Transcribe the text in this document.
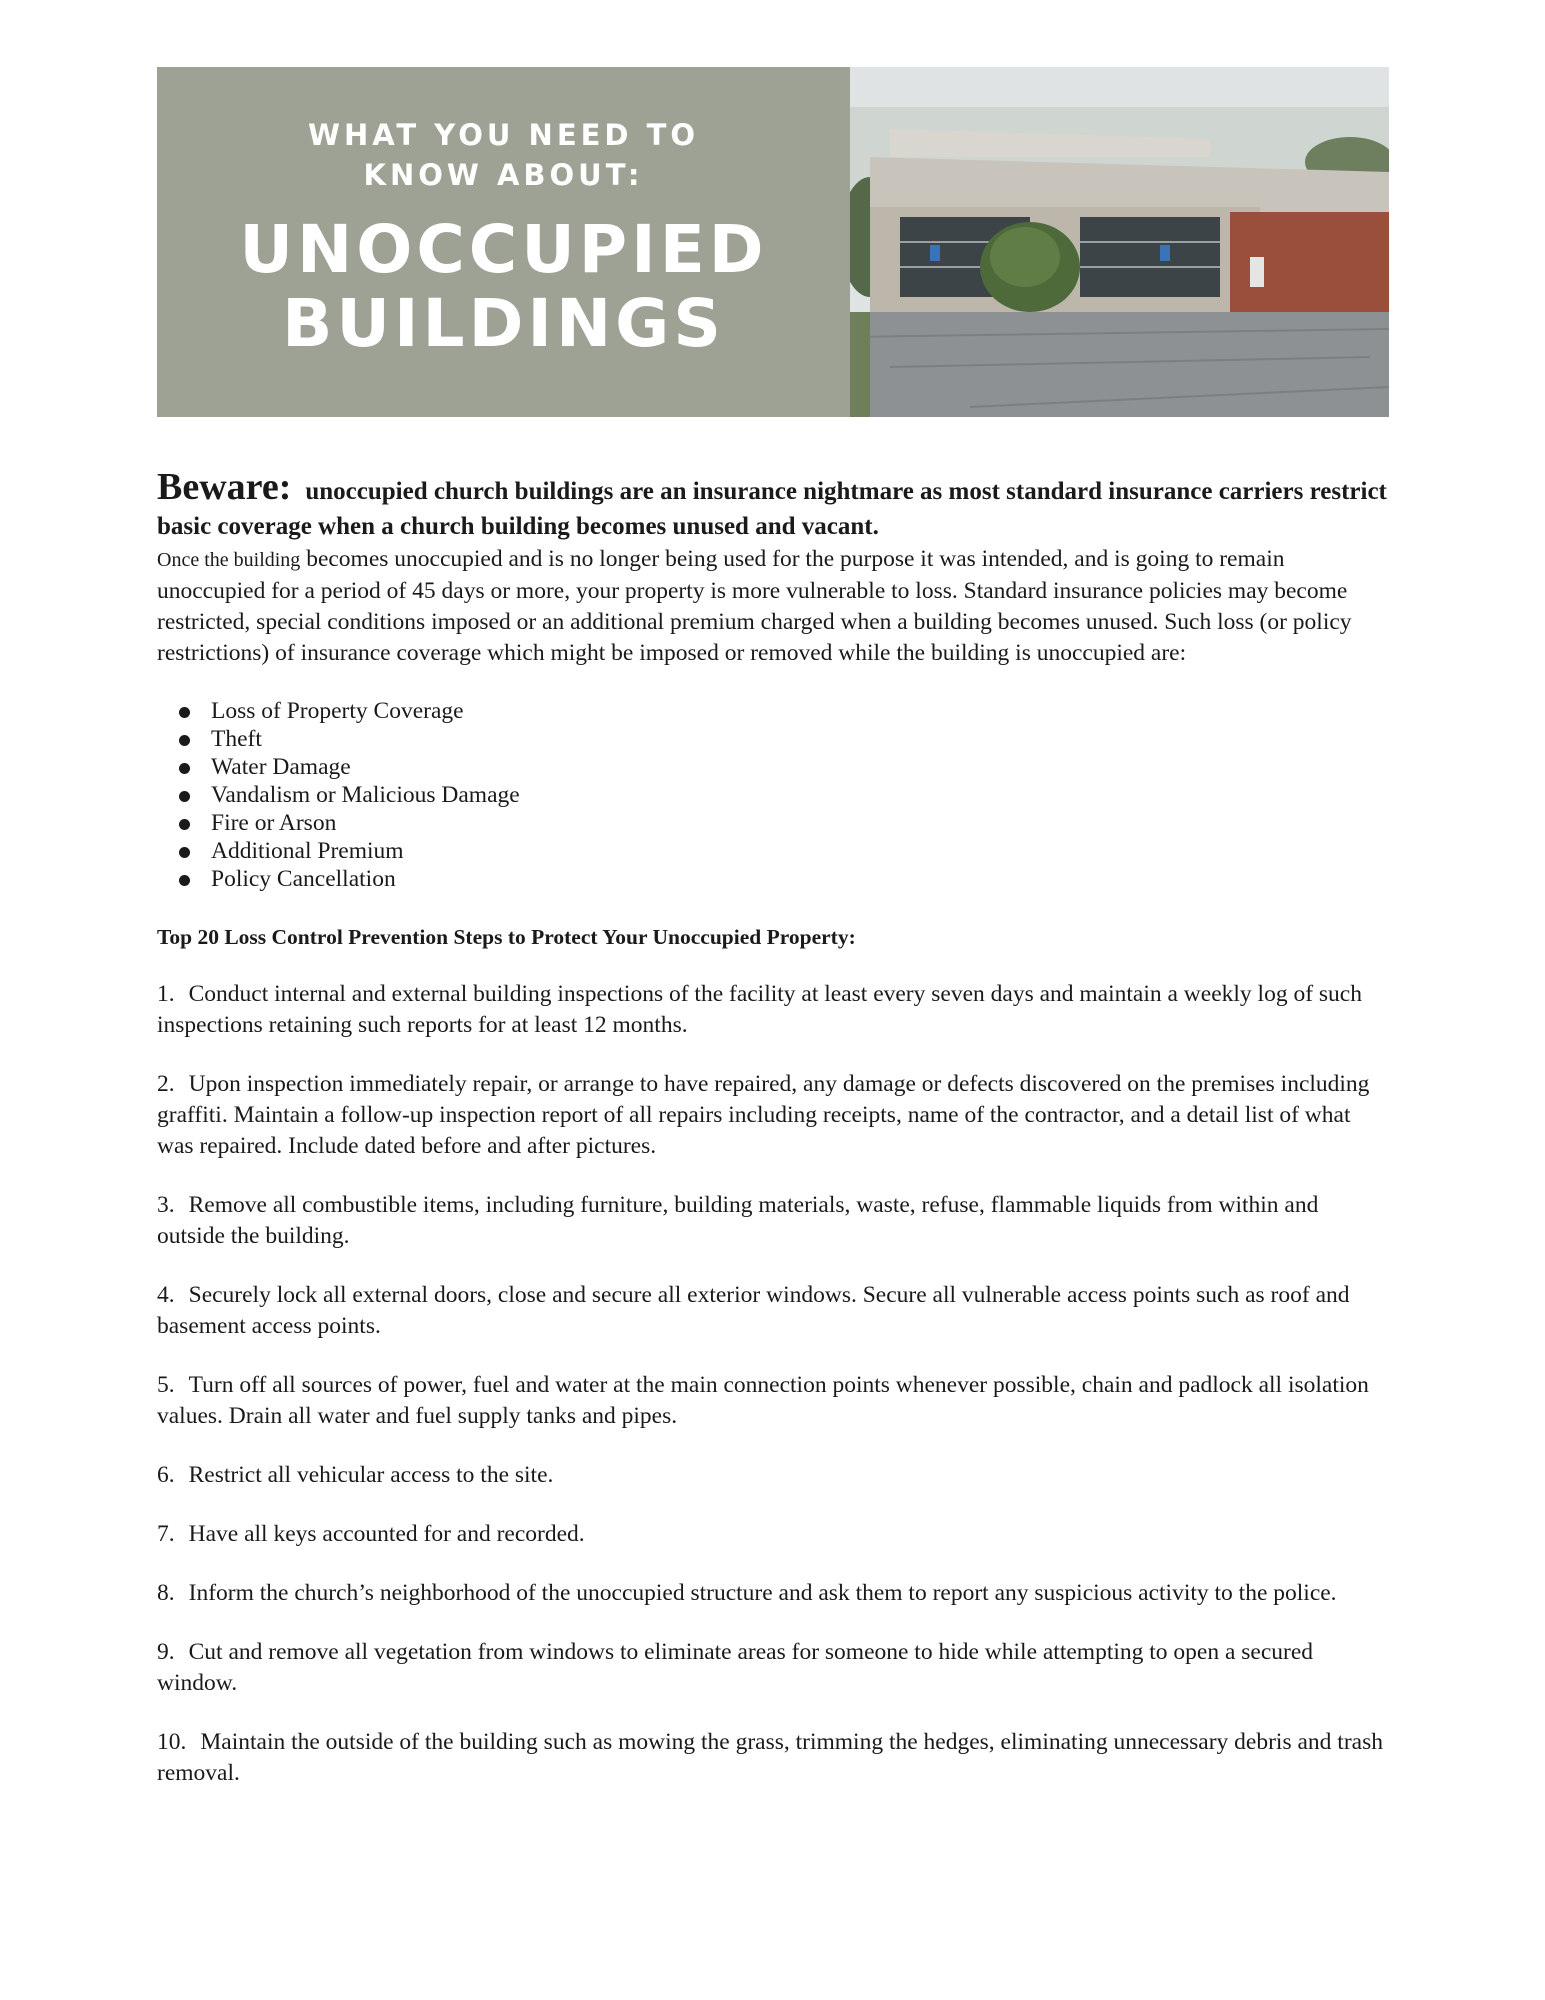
WHAT YOU NEED TO KNOW ABOUT:
UNOCCUPIED BUILDINGS

Beware: unoccupied church buildings are an insurance nightmare as most standard insurance carriers restrict basic coverage when a church building becomes unused and vacant.

Once the building becomes unoccupied and is no longer being used for the purpose it was intended, and is going to remain unoccupied for a period of 45 days or more, your property is more vulnerable to loss. Standard insurance policies may become restricted, special conditions imposed or an additional premium charged when a building becomes unused. Such loss (or policy restrictions) of insurance coverage which might be imposed or removed while the building is unoccupied are:

Loss of Property Coverage
Theft
Water Damage
Vandalism or Malicious Damage
Fire or Arson
Additional Premium
Policy Cancellation

Top 20 Loss Control Prevention Steps to Protect Your Unoccupied Property:

1. Conduct internal and external building inspections of the facility at least every seven days and maintain a weekly log of such inspections retaining such reports for at least 12 months.

2. Upon inspection immediately repair, or arrange to have repaired, any damage or defects discovered on the premises including graffiti. Maintain a follow-up inspection report of all repairs including receipts, name of the contractor, and a detail list of what was repaired. Include dated before and after pictures.

3. Remove all combustible items, including furniture, building materials, waste, refuse, flammable liquids from within and outside the building.

4. Securely lock all external doors, close and secure all exterior windows. Secure all vulnerable access points such as roof and basement access points.

5. Turn off all sources of power, fuel and water at the main connection points whenever possible, chain and padlock all isolation values. Drain all water and fuel supply tanks and pipes.

6. Restrict all vehicular access to the site.

7. Have all keys accounted for and recorded.

8. Inform the church’s neighborhood of the unoccupied structure and ask them to report any suspicious activity to the police.

9. Cut and remove all vegetation from windows to eliminate areas for someone to hide while attempting to open a secured window.

10. Maintain the outside of the building such as mowing the grass, trimming the hedges, eliminating unnecessary debris and trash removal.
